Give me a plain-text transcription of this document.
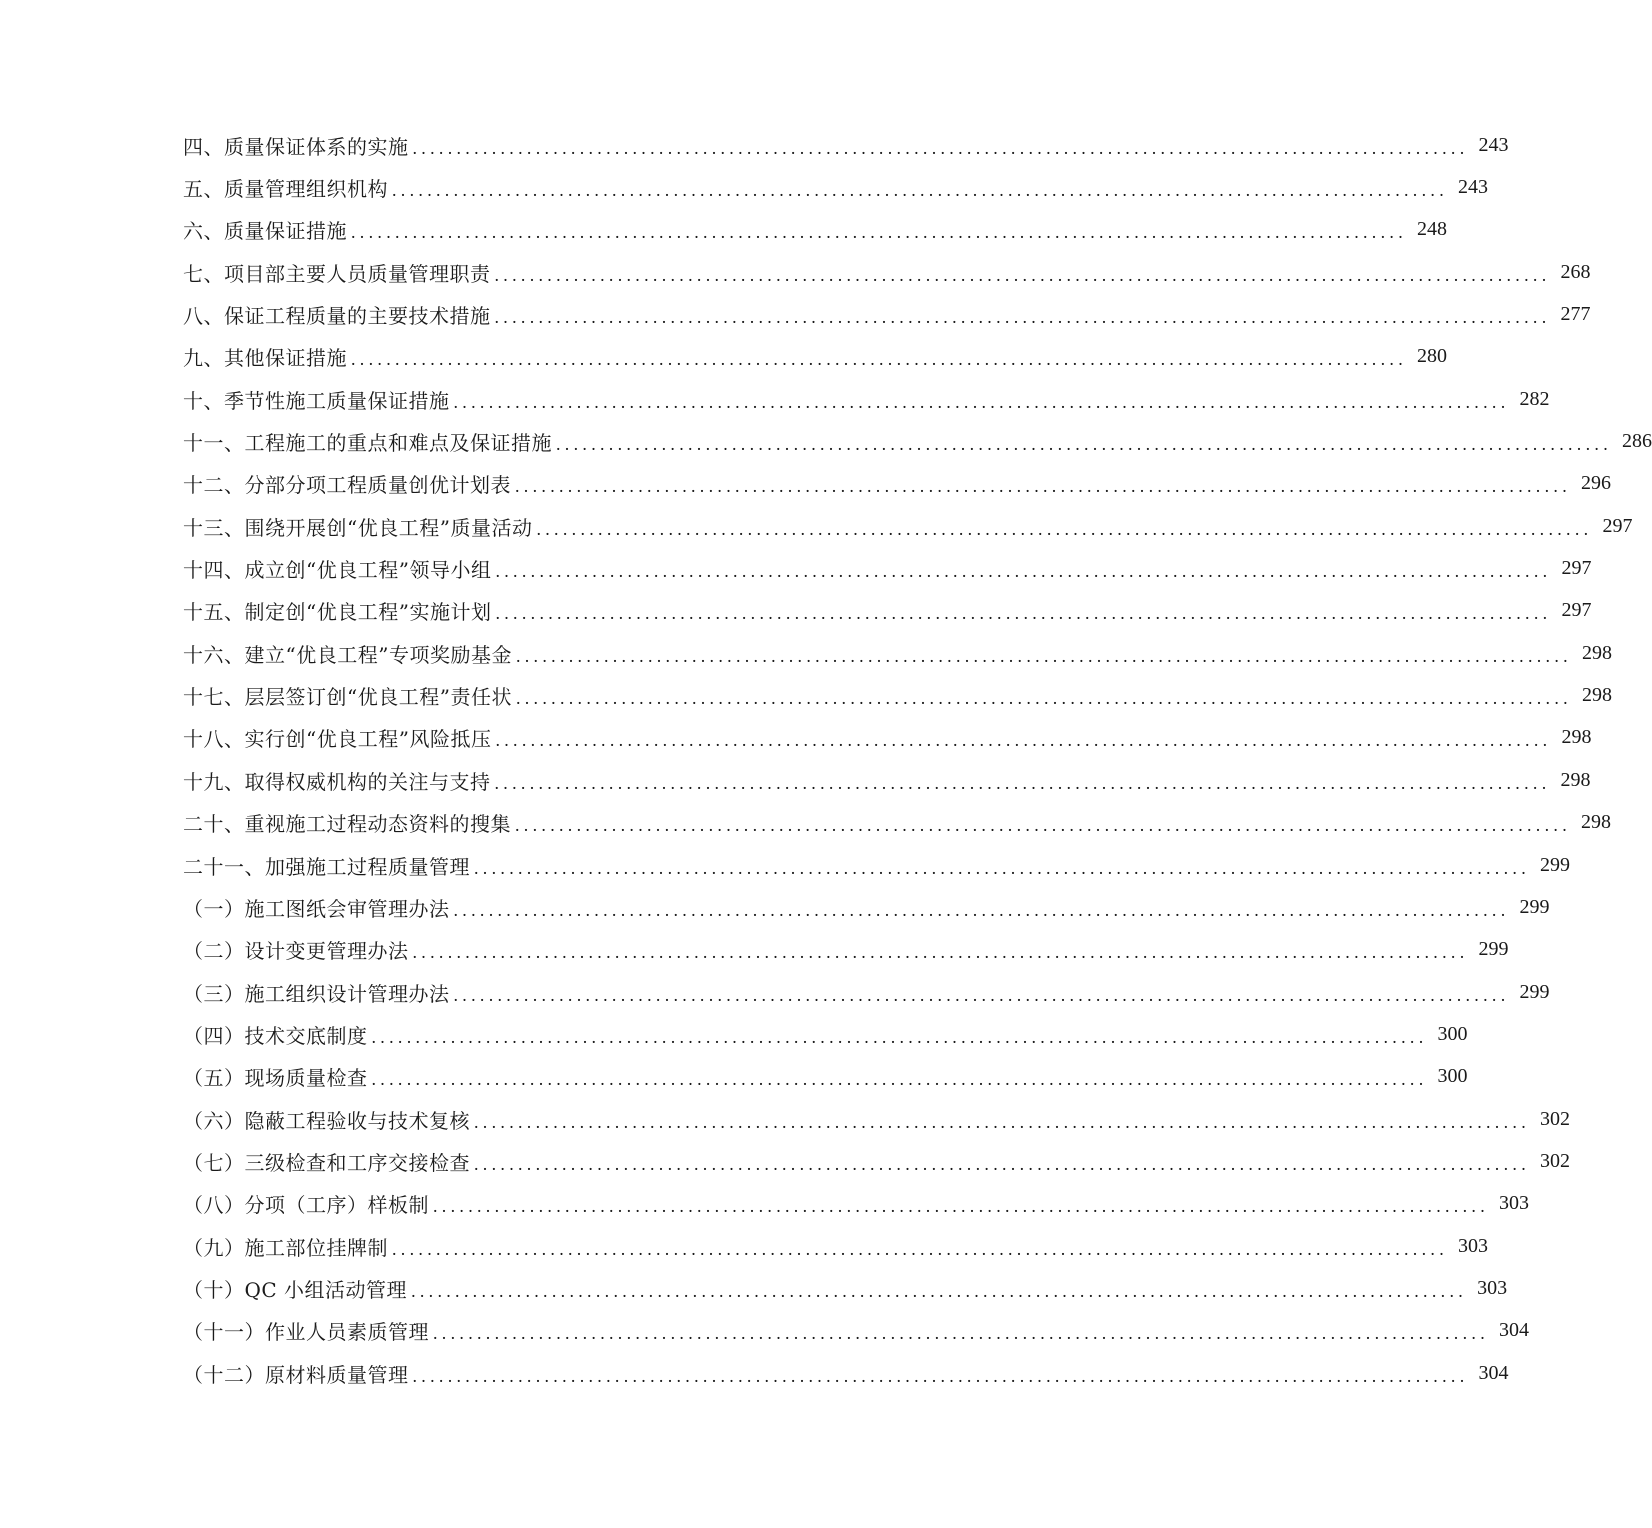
四、质量保证体系的实施 ........................................................................................................................ 243
五、质量管理组织机构 ........................................................................................................................ 243
六、质量保证措施 ........................................................................................................................ 248
七、项目部主要人员质量管理职责 ........................................................................................................................ 268
八、保证工程质量的主要技术措施 ........................................................................................................................ 277
九、其他保证措施 ........................................................................................................................ 280
十、季节性施工质量保证措施 ........................................................................................................................ 282
十一、工程施工的重点和难点及保证措施 ........................................................................................................................ 286
十二、分部分项工程质量创优计划表 ........................................................................................................................ 296
十三、围绕开展创“优良工程”质量活动 ........................................................................................................................ 297
十四、成立创“优良工程”领导小组 ........................................................................................................................ 297
十五、制定创“优良工程”实施计划 ........................................................................................................................ 297
十六、建立“优良工程”专项奖励基金 ........................................................................................................................ 298
十七、层层签订创“优良工程”责任状 ........................................................................................................................ 298
十八、实行创“优良工程”风险抵压 ........................................................................................................................ 298
十九、取得权威机构的关注与支持 ........................................................................................................................ 298
二十、重视施工过程动态资料的搜集 ........................................................................................................................ 298
二十一、加强施工过程质量管理 ........................................................................................................................ 299
（一）施工图纸会审管理办法 ........................................................................................................................ 299
（二）设计变更管理办法 ........................................................................................................................ 299
（三）施工组织设计管理办法 ........................................................................................................................ 299
（四）技术交底制度 ........................................................................................................................ 300
（五）现场质量检查 ........................................................................................................................ 300
（六）隐蔽工程验收与技术复核 ........................................................................................................................ 302
（七）三级检查和工序交接检查 ........................................................................................................................ 302
（八）分项（工序）样板制 ........................................................................................................................ 303
（九）施工部位挂牌制 ........................................................................................................................ 303
（十）QC 小组活动管理 ........................................................................................................................ 303
（十一）作业人员素质管理 ........................................................................................................................ 304
（十二）原材料质量管理 ........................................................................................................................ 304
